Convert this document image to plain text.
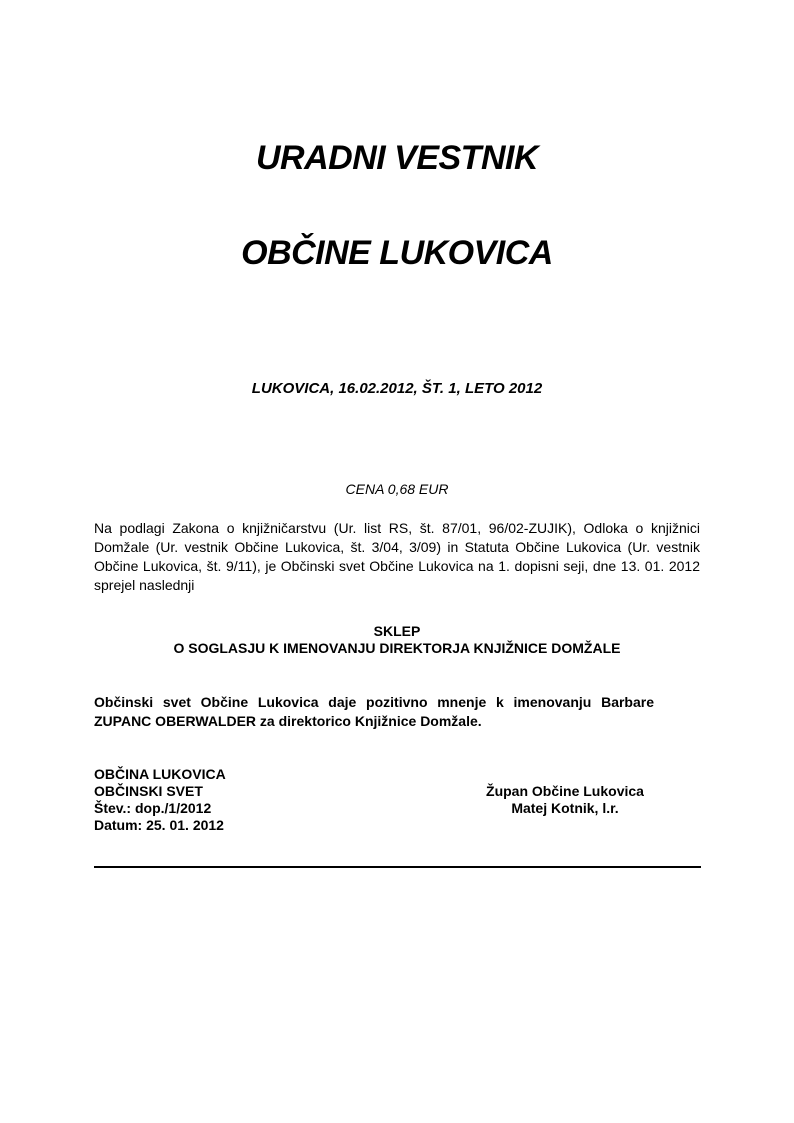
URADNI VESTNIK
OBČINE LUKOVICA

LUKOVICA, 16.02.2012, ŠT. 1, LETO 2012

CENA 0,68 EUR

Na podlagi Zakona o knjižničarstvu (Ur. list RS, št. 87/01, 96/02-ZUJIK), Odloka o knjižnici Domžale (Ur. vestnik Občine Lukovica, št. 3/04, 3/09) in Statuta Občine Lukovica (Ur. vestnik Občine Lukovica, št. 9/11), je Občinski svet Občine Lukovica na 1. dopisni seji, dne 13. 01. 2012 sprejel naslednji

SKLEP

O SOGLASJU K IMENOVANJU DIREKTORJA KNJIŽNICE DOMŽALE

Občinski svet Občine Lukovica daje pozitivno mnenje k imenovanju Barbare ZUPANC OBERWALDER za direktorico Knjižnice Domžale.

OBČINA LUKOVICA
OBČINSKI SVET
Štev.: dop./1/2012
Datum: 25. 01. 2012
Župan Občine Lukovica
Matej Kotnik, l.r.
